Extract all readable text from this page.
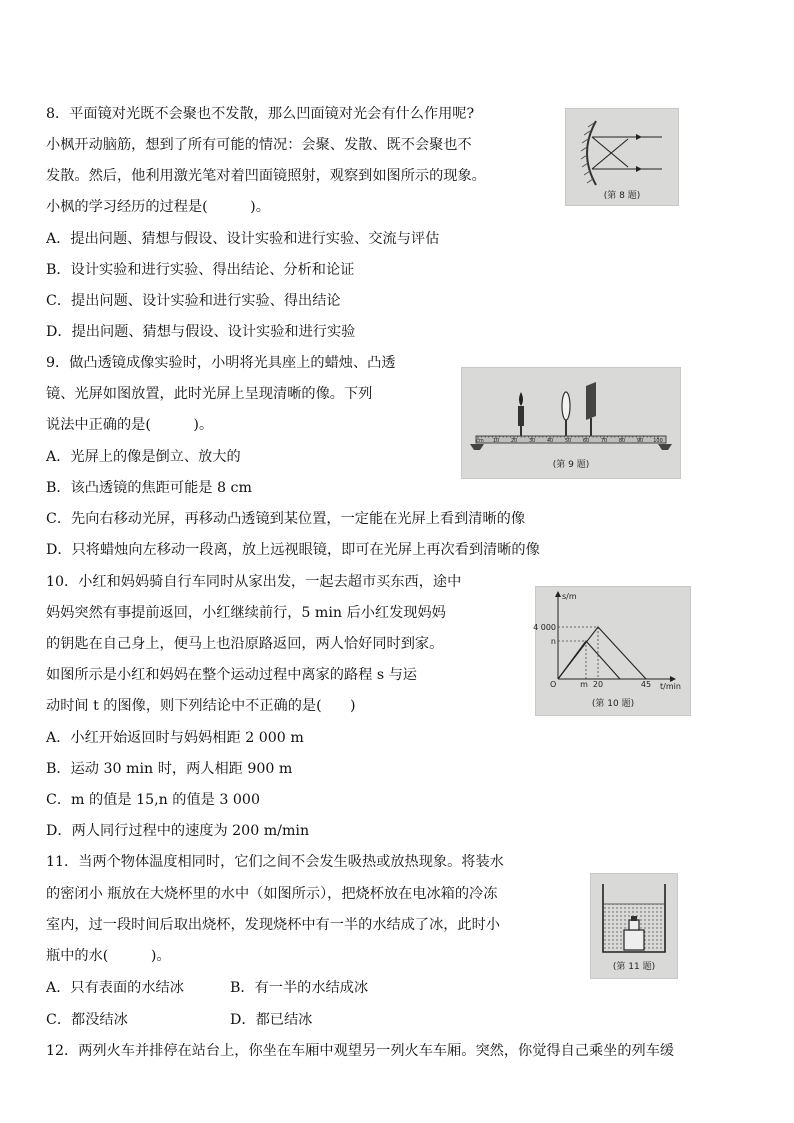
8．平面镜对光既不会聚也不发散，那么凹面镜对光会有什么作用呢?
小枫开动脑筋，想到了所有可能的情况：会聚、发散、既不会聚也不
发散。然后，他利用激光笔对着凹面镜照射，观察到如图所示的现象。
小枫的学习经历的过程是(　　　)。
A．提出问题、猜想与假设、设计实验和进行实验、交流与评估
B．设计实验和进行实验、得出结论、分析和论证
C．提出问题、设计实验和进行实验、得出结论
D．提出问题、猜想与假设、设计实验和进行实验
(第 8 题)
9．做凸透镜成像实验时，小明将光具座上的蜡烛、凸透
镜、光屏如图放置，此时光屏上呈现清晰的像。下列
说法中正确的是(　　　)。
A．光屏上的像是倒立、放大的
B．该凸透镜的焦距可能是 8 cm
C．先向右移动光屏，再移动凸透镜到某位置，一定能在光屏上看到清晰的像
D．只将蜡烛向左移动一段离，放上远视眼镜，即可在光屏上再次看到清晰的像
cm 10 20 30 40 50 60 70 80 90 100
(第 9 题)
10．小红和妈妈骑自行车同时从家出发，一起去超市买东西，途中
妈妈突然有事提前返回，小红继续前行，5 min 后小红发现妈妈
的钥匙在自己身上，便马上也沿原路返回，两人恰好同时到家。
如图所示是小红和妈妈在整个运动过程中离家的路程 s 与运
动时间 t 的图像，则下列结论中不正确的是(　　)
A．小红开始返回时与妈妈相距 2 000 m
B．运动 30 min 时，两人相距 900 m
C．m 的值是 15,n 的值是 3 000
D．两人同行过程中的速度为 200 m/min
s/m
t/min
4 000
n
O	m 20	45
(第 10 题)
11．当两个物体温度相同时，它们之间不会发生吸热或放热现象。将装水
的密闭小 瓶放在大烧杯里的水中（如图所示），把烧杯放在电冰箱的冷冻
室内，过一段时间后取出烧杯，发现烧杯中有一半的水结成了冰，此时小
瓶中的水(　　　)。
A．只有表面的水结冰	B．有一半的水结成冰
C．都没结冰	D．都已结冰
(第 11 题)
12．两列火车并排停在站台上，你坐在车厢中观望另一列火车车厢。突然，你觉得自己乘坐的列车缓
